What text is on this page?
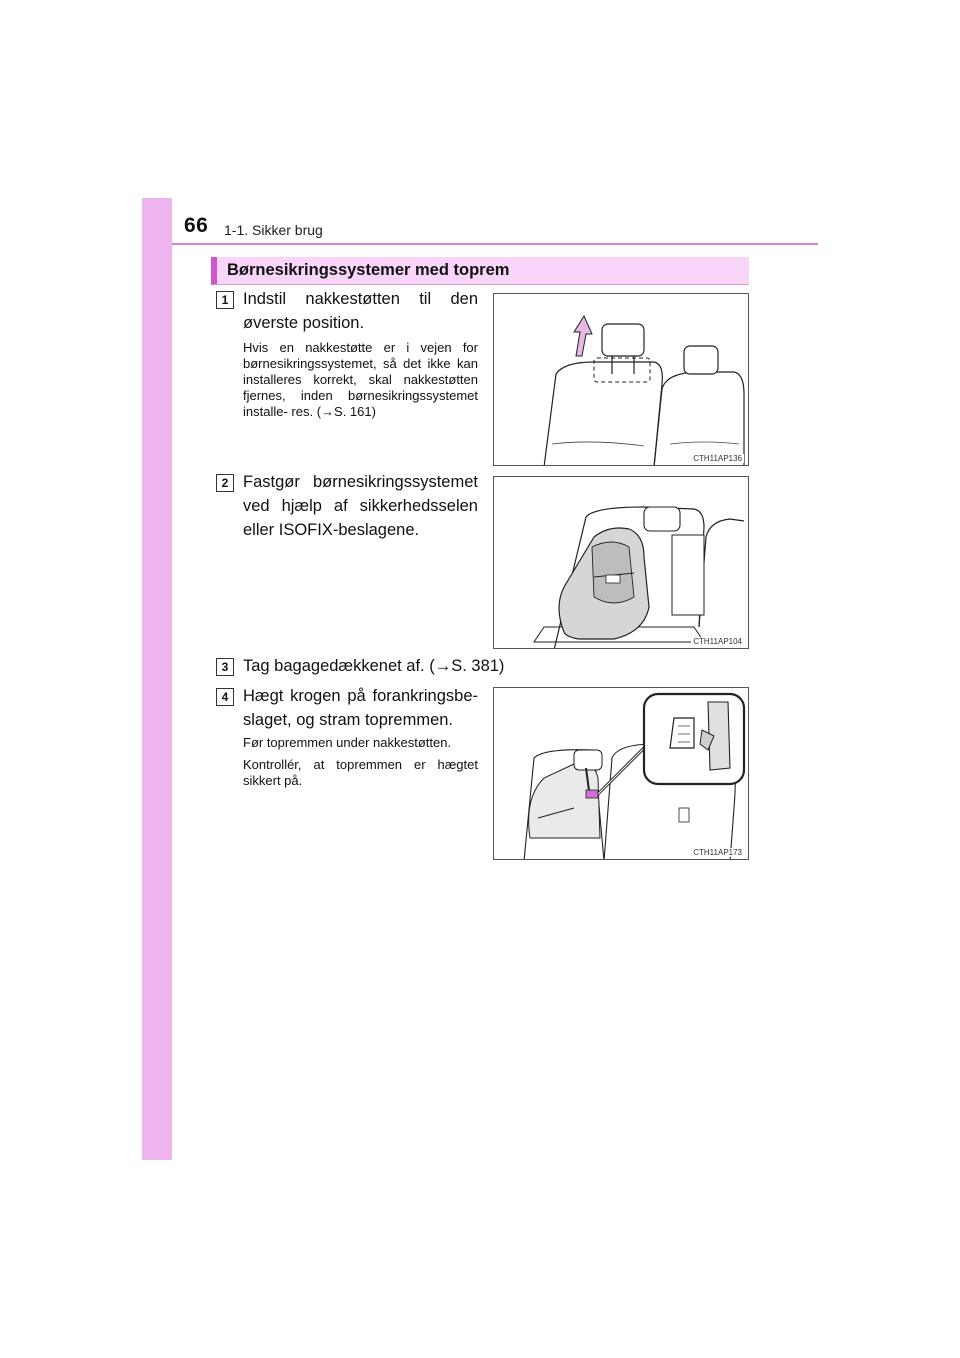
66 1-1. Sikker brug
Børnesikringssystemer med toprem
1 Indstil nakkestøtten til den øverste position.
Hvis en nakkestøtte er i vejen for børnesikringssystemet, så det ikke kan installeres korrekt, skal nakkestøtten fjernes, inden børnesikringssystemet installe- res. (→S. 161)
CTH11AP136
2 Fastgør børnesikringssystemet ved hjælp af sikkerhedsselen eller ISOFIX-beslagene.
CTH11AP104
3 Tag bagagedækkenet af. (→S. 381)
4 Hægt krogen på forankringsbe- slaget, og stram topremmen.
Før topremmen under nakkestøtten.
Kontrollér, at topremmen er hægtet sikkert på.
CTH11AP173
